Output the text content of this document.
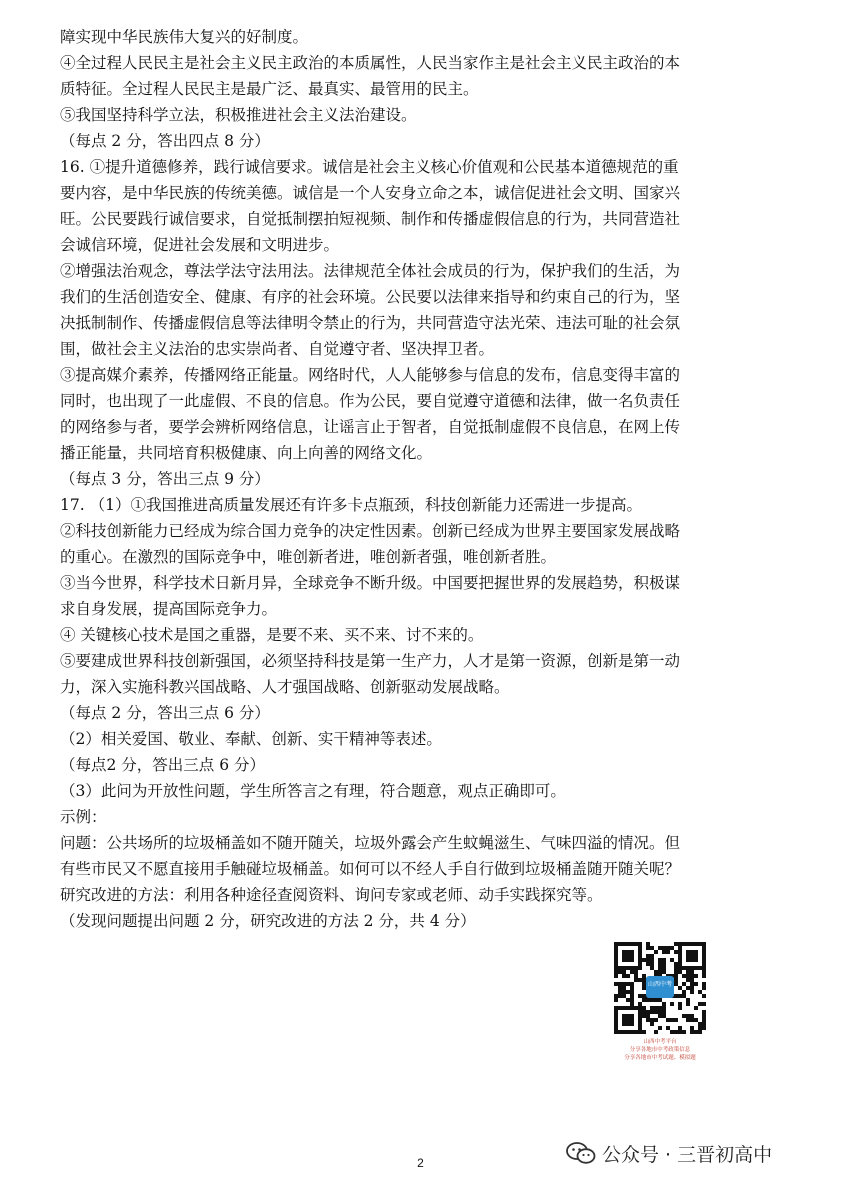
障实现中华民族伟大复兴的好制度。

④全过程人民民主是社会主义民主政治的本质属性，人民当家作主是社会主义民主政治的本

质特征。全过程人民民主是最广泛、最真实、最管用的民主。

⑤我国坚持科学立法，积极推进社会主义法治建设。

（每点 2 分，答出四点 8 分）

16. ①提升道德修养，践行诚信要求。诚信是社会主义核心价值观和公民基本道德规范的重

要内容，是中华民族的传统美德。诚信是一个人安身立命之本，诚信促进社会文明、国家兴

旺。公民要践行诚信要求，自觉抵制摆拍短视频、制作和传播虚假信息的行为，共同营造社

会诚信环境，促进社会发展和文明进步。

②增强法治观念，尊法学法守法用法。法律规范全体社会成员的行为，保护我们的生活，为

我们的生活创造安全、健康、有序的社会环境。公民要以法律来指导和约束自己的行为，坚

决抵制制作、传播虚假信息等法律明令禁止的行为，共同营造守法光荣、违法可耻的社会氛

围，做社会主义法治的忠实崇尚者、自觉遵守者、坚决捍卫者。

③提高媒介素养，传播网络正能量。网络时代，人人能够参与信息的发布，信息变得丰富的

同时，也出现了一此虚假、不良的信息。作为公民，要自觉遵守道德和法律，做一名负责任

的网络参与者，要学会辨析网络信息，让谣言止于智者，自觉抵制虚假不良信息，在网上传

播正能量，共同培育积极健康、向上向善的网络文化。

（每点 3 分，答出三点 9 分）

17. （1）①我国推进高质量发展还有许多卡点瓶颈，科技创新能力还需进一步提高。

②科技创新能力已经成为综合国力竞争的决定性因素。创新已经成为世界主要国家发展战略

的重心。在激烈的国际竞争中，唯创新者进，唯创新者强，唯创新者胜。

③当今世界，科学技术日新月异，全球竞争不断升级。中国要把握世界的发展趋势，积极谋

求自身发展，提高国际竞争力。

④ 关键核心技术是国之重器，是要不来、买不来、讨不来的。

⑤要建成世界科技创新强国，必须坚持科技是第一生产力，人才是第一资源，创新是第一动

力，深入实施科教兴国战略、人才强国战略、创新驱动发展战略。

（每点 2 分，答出三点 6 分）

（2）相关爱国、敬业、奉献、创新、实干精神等表述。

（每点2 分，答出三点 6 分）

（3）此问为开放性问题，学生所答言之有理，符合题意，观点正确即可。

示例：

问题：公共场所的垃圾桶盖如不随开随关，垃圾外露会产生蚊蝇滋生、气味四溢的情况。但

有些市民又不愿直接用手触碰垃圾桶盖。如何可以不经人手自行做到垃圾桶盖随开随关呢？

研究改进的方法：利用各种途径查阅资料、询问专家或老师、动手实践探究等。

（发现问题提出问题 2 分，研究改进的方法 2 分，共 4 分）

山西中考
山西中考平台
分享各地市中考政策信息
分享各地市中考试题、模拟题
公众号 · 三晋初高中
2
